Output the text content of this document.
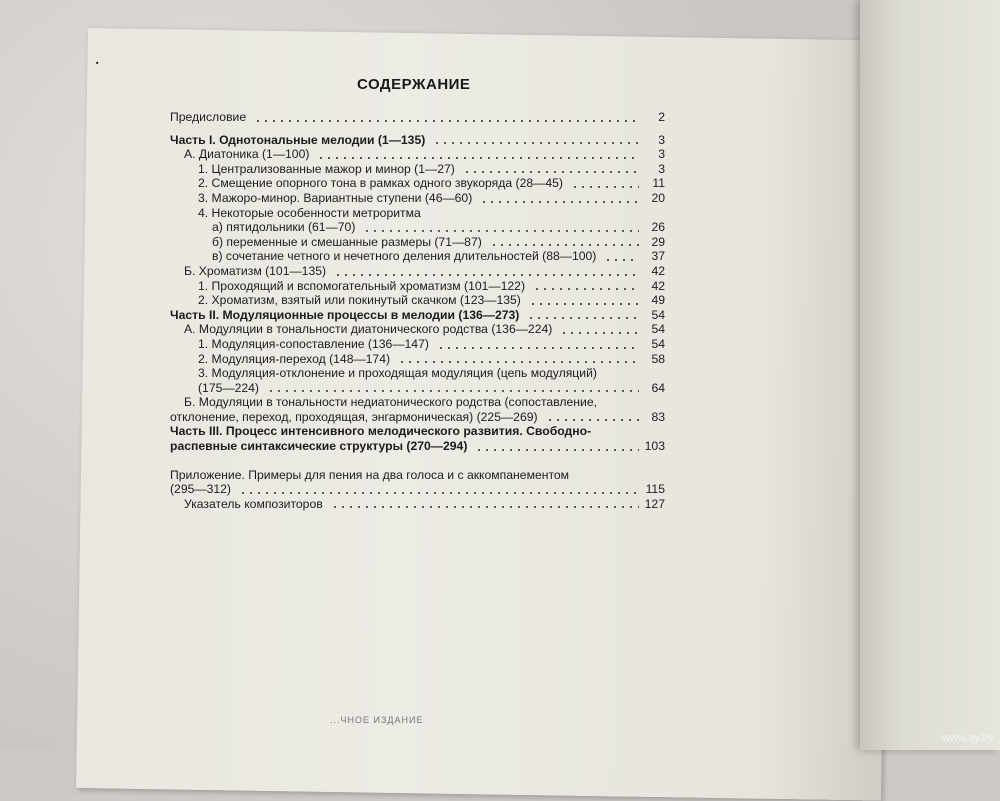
•
СОДЕРЖАНИЕ
Предисловие	2
Часть I. Однотональные мелодии (1—135)	3
А. Диатоника (1—100)	3
1. Централизованные мажор и минор (1—27)	3
2. Смещение опорного тона в рамках одного звукоряда (28—45)	11
3. Мажоро-минор. Вариантные ступени (46—60)	20
4. Некоторые особенности метроритма
а) пятидольники (61—70)	26
б) переменные и смешанные размеры (71—87)	29
в) сочетание четного и нечетного деления длительностей (88—100)	37
Б. Хроматизм (101—135)	42
1. Проходящий и вспомогательный хроматизм (101—122)	42
2. Хроматизм, взятый или покинутый скачком (123—135)	49
Часть II. Модуляционные процессы в мелодии (136—273)	54
А. Модуляции в тональности диатонического родства (136—224)	54
1. Модуляция-сопоставление (136—147)	54
2. Модуляция-переход (148—174)	58
3. Модуляция-отклонение и проходящая модуляция (цепь модуляций)
(175—224)	64
Б. Модуляции в тональности недиатонического родства (сопоставление,
отклонение, переход, проходящая, энгармоническая) (225—269)	83
Часть III. Процесс интенсивного мелодического развития. Свободно-
распевные синтаксические структуры (270—294)	103
Приложение. Примеры для пения на два голоса и с аккомпанементом
(295—312)	115
Указатель композиторов	127
...ЧНОЕ ИЗДАНИЕ
www.ay.by
